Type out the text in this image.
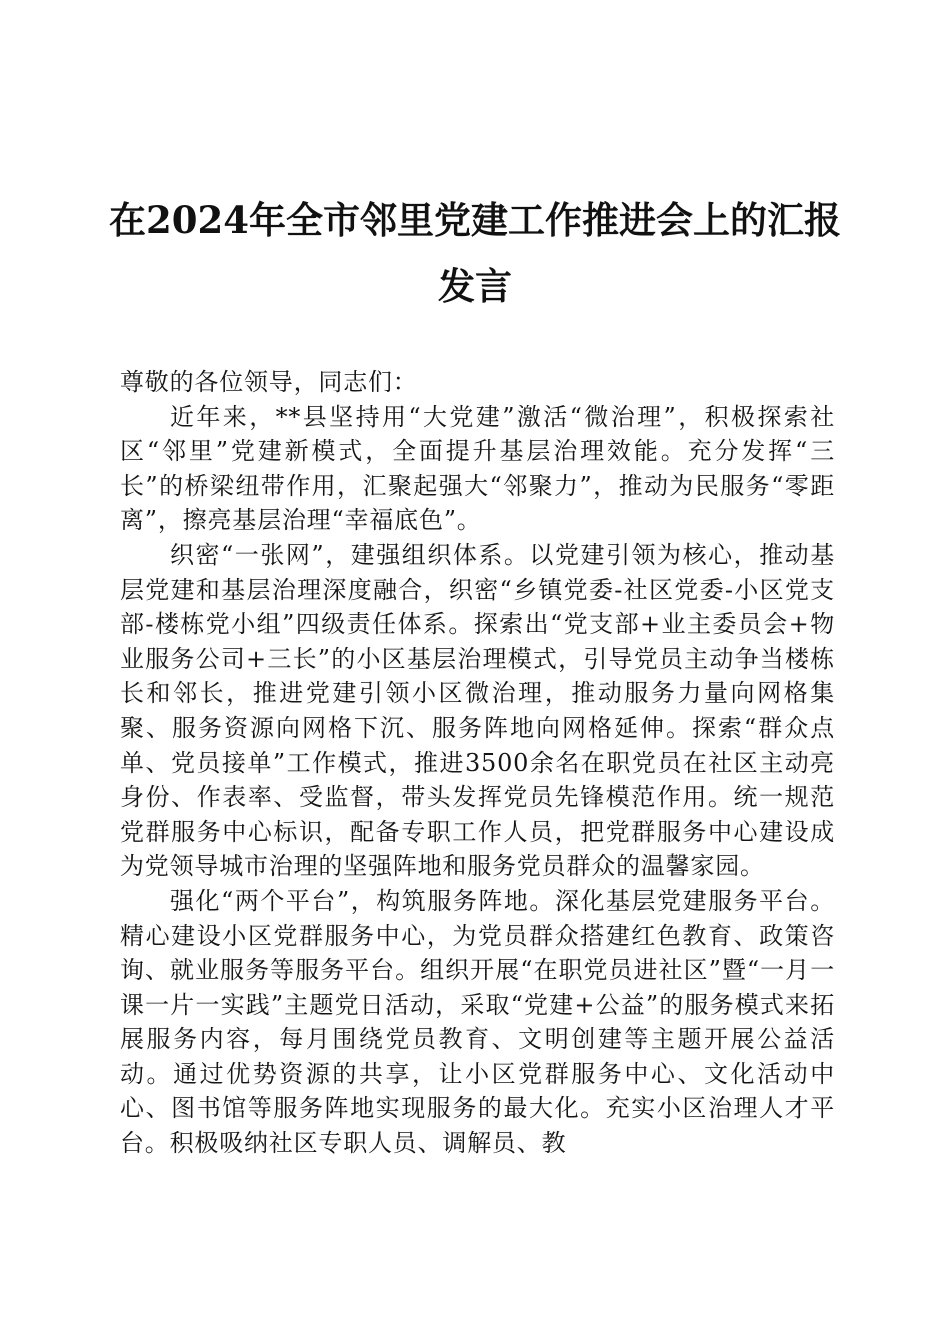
在2024年全市邻里党建工作推进会上的汇报
发言

尊敬的各位领导，同志们：

近年来，**县坚持用“大党建”激活“微治理”，积极探索社区“邻里”党建新模式，全面提升基层治理效能。充分发挥“三长”的桥梁纽带作用，汇聚起强大“邻聚力”，推动为民服务“零距离”，擦亮基层治理“幸福底色”。

织密“一张网”，建强组织体系。以党建引领为核心，推动基层党建和基层治理深度融合，织密“乡镇党委-社区党委-小区党支部-楼栋党小组”四级责任体系。探索出“党支部+业主委员会+物业服务公司+三长”的小区基层治理模式，引导党员主动争当楼栋长和邻长，推进党建引领小区微治理，推动服务力量向网格集聚、服务资源向网格下沉、服务阵地向网格延伸。探索“群众点单、党员接单”工作模式，推进3500余名在职党员在社区主动亮身份、作表率、受监督，带头发挥党员先锋模范作用。统一规范党群服务中心标识，配备专职工作人员，把党群服务中心建设成为党领导城市治理的坚强阵地和服务党员群众的温馨家园。

强化“两个平台”，构筑服务阵地。深化基层党建服务平台。精心建设小区党群服务中心，为党员群众搭建红色教育、政策咨询、就业服务等服务平台。组织开展“在职党员进社区”暨“一月一课一片一实践”主题党日活动，采取“党建+公益”的服务模式来拓展服务内容，每月围绕党员教育、文明创建等主题开展公益活动。通过优势资源的共享，让小区党群服务中心、文化活动中心、图书馆等服务阵地实现服务的最大化。充实小区治理人才平台。积极吸纳社区专职人员、调解员、教
